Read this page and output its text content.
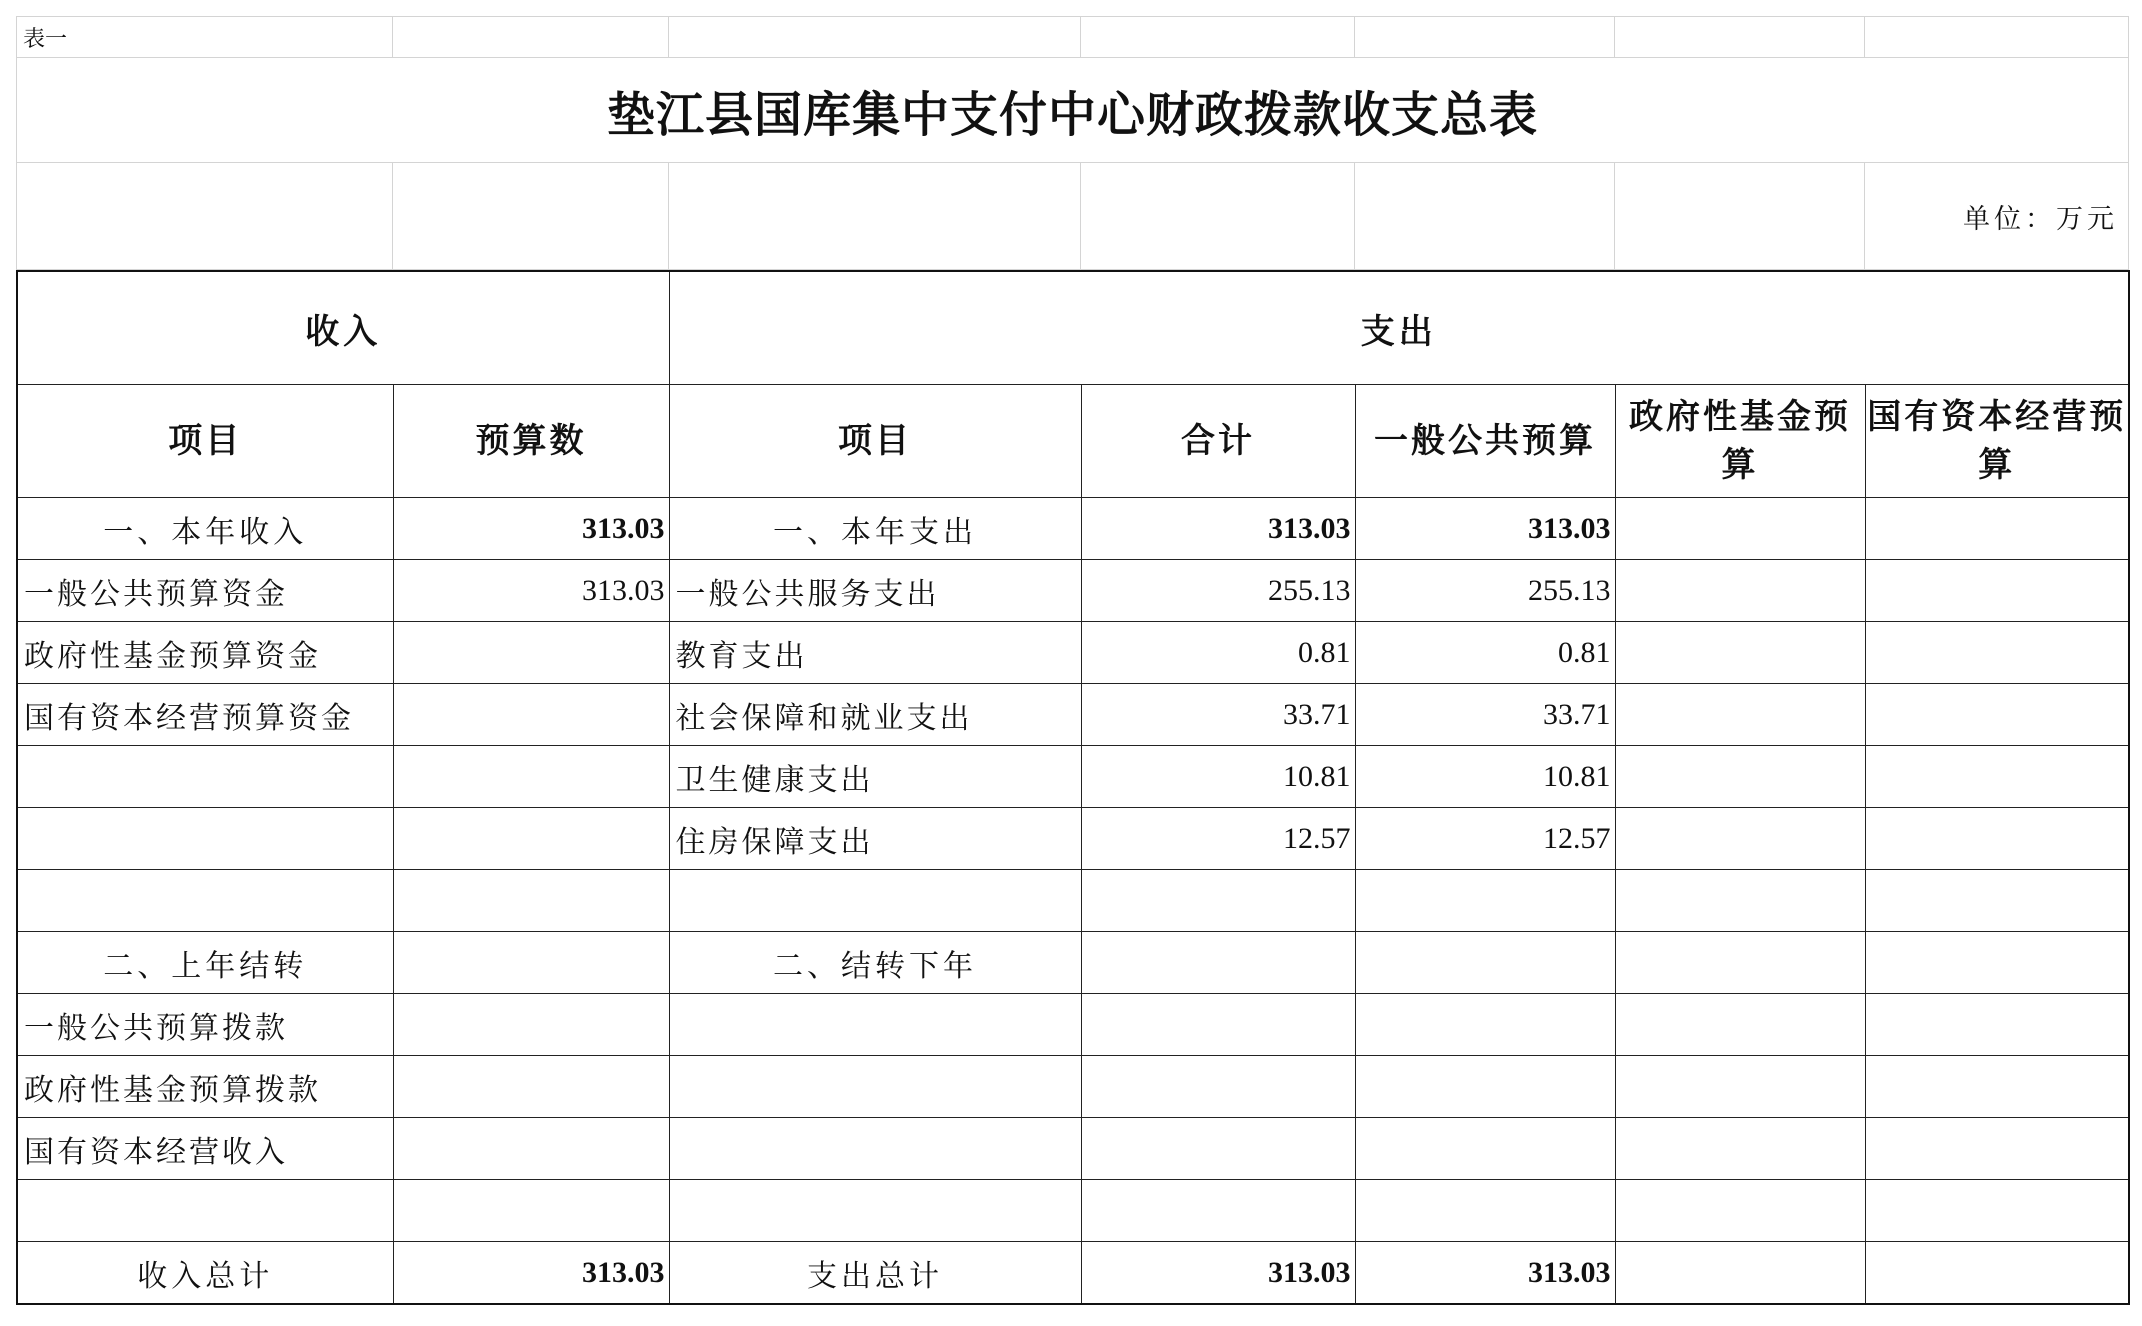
表一						
垫江县国库集中支付中心财政拨款收支总表						
						单位：万元
收入		支出				
项目	预算数	项目	合计	一般公共预算	政府性基金预算	国有资本经营预算
一、本年收入	313.03	一、本年支出	313.03	313.03		
一般公共预算资金	313.03	一般公共服务支出	255.13	255.13		
政府性基金预算资金		教育支出	0.81	0.81		
国有资本经营预算资金		社会保障和就业支出	33.71	33.71		
		卫生健康支出	10.81	10.81		
		住房保障支出	12.57	12.57		

二、上年结转		二、结转下年				
一般公共预算拨款						
政府性基金预算拨款						
国有资本经营收入						

收入总计	313.03	支出总计	313.03	313.03		
